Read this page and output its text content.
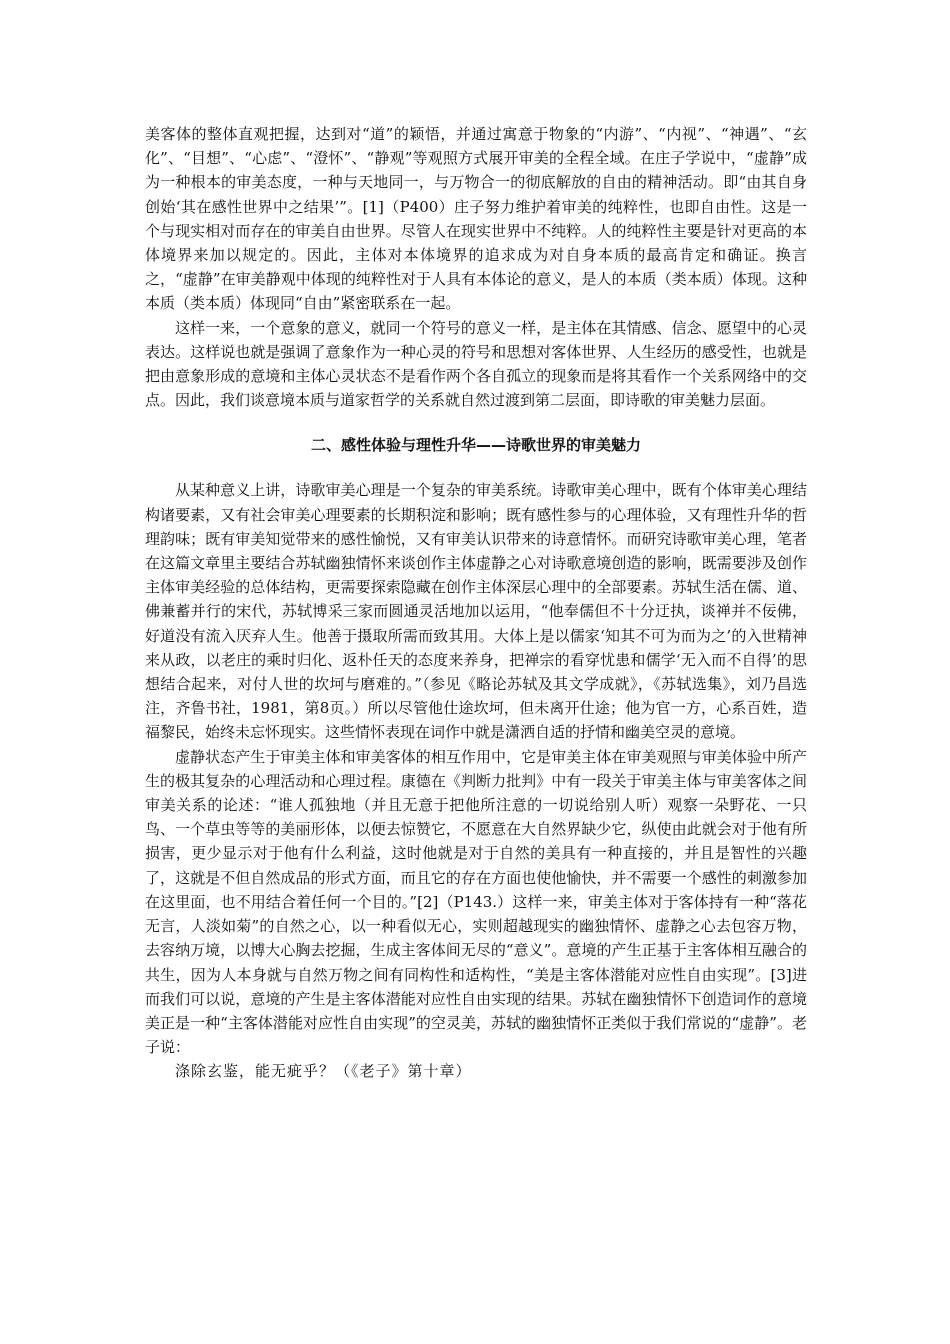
美客体的整体直观把握，达到对“道”的颖悟，并通过寓意于物象的“内游”、“内视”、“神遇”、“玄化”、“目想”、“心虑”、“澄怀”、“静观”等观照方式展开审美的全程全域。在庄子学说中，“虚静”成为一种根本的审美态度，一种与天地同一，与万物合一的彻底解放的自由的精神活动。即“由其自身创始‘其在感性世界中之结果’”。[1]（P400）庄子努力维护着审美的纯粹性，也即自由性。这是一个与现实相对而存在的审美自由世界。尽管人在现实世界中不纯粹。人的纯粹性主要是针对更高的本体境界来加以规定的。因此，主体对本体境界的追求成为对自身本质的最高肯定和确证。换言之，“虚静”在审美静观中体现的纯粹性对于人具有本体论的意义，是人的本质（类本质）体现。这种本质（类本质）体现同“自由”紧密联系在一起。

这样一来，一个意象的意义，就同一个符号的意义一样，是主体在其情感、信念、愿望中的心灵表达。这样说也就是强调了意象作为一种心灵的符号和思想对客体世界、人生经历的感受性，也就是把由意象形成的意境和主体心灵状态不是看作两个各自孤立的现象而是将其看作一个关系网络中的交点。因此，我们谈意境本质与道家哲学的关系就自然过渡到第二层面，即诗歌的审美魅力层面。

二、感性体验与理性升华——诗歌世界的审美魅力

从某种意义上讲，诗歌审美心理是一个复杂的审美系统。诗歌审美心理中，既有个体审美心理结构诸要素，又有社会审美心理要素的长期积淀和影响；既有感性参与的心理体验，又有理性升华的哲理韵味；既有审美知觉带来的感性愉悦，又有审美认识带来的诗意情怀。而研究诗歌审美心理，笔者在这篇文章里主要结合苏轼幽独情怀来谈创作主体虚静之心对诗歌意境创造的影响，既需要涉及创作主体审美经验的总体结构，更需要探索隐藏在创作主体深层心理中的全部要素。苏轼生活在儒、道、佛兼蓄并行的宋代，苏轼博采三家而圆通灵活地加以运用，“他奉儒但不十分迂执，谈禅并不佞佛，好道没有流入厌弃人生。他善于摄取所需而致其用。大体上是以儒家‘知其不可为而为之’的入世精神来从政，以老庄的乘时归化、返朴任天的态度来养身，把禅宗的看穿忧患和儒学‘无入而不自得’的思想结合起来，对付人世的坎坷与磨难的。”（参见《略论苏轼及其文学成就》，《苏轼选集》，刘乃昌选注，齐鲁书社，1981，第8页。）所以尽管他仕途坎坷，但未离开仕途；他为官一方，心系百姓，造福黎民，始终未忘怀现实。这些情怀表现在词作中就是潇洒自适的抒情和幽美空灵的意境。

虚静状态产生于审美主体和审美客体的相互作用中，它是审美主体在审美观照与审美体验中所产生的极其复杂的心理活动和心理过程。康德在《判断力批判》中有一段关于审美主体与审美客体之间审美关系的论述：“谁人孤独地（并且无意于把他所注意的一切说给别人听）观察一朵野花、一只鸟、一个草虫等等的美丽形体，以便去惊赞它，不愿意在大自然界缺少它，纵使由此就会对于他有所损害，更少显示对于他有什么利益，这时他就是对于自然的美具有一种直接的，并且是智性的兴趣了，这就是不但自然成品的形式方面，而且它的存在方面也使他愉快，并不需要一个感性的刺激参加在这里面，也不用结合着任何一个目的。”[2]（P143.）这样一来，审美主体对于客体持有一种“落花无言，人淡如菊”的自然之心，以一种看似无心，实则超越现实的幽独情怀、虚静之心去包容万物，去容纳万境，以博大心胸去挖掘，生成主客体间无尽的“意义”。意境的产生正基于主客体相互融合的共生，因为人本身就与自然万物之间有同构性和适构性，“美是主客体潜能对应性自由实现”。[3]进而我们可以说，意境的产生是主客体潜能对应性自由实现的结果。苏轼在幽独情怀下创造词作的意境美正是一种“主客体潜能对应性自由实现”的空灵美，苏轼的幽独情怀正类似于我们常说的“虚静”。老子说：

涤除玄鉴，能无疵乎？（《老子》第十章）
